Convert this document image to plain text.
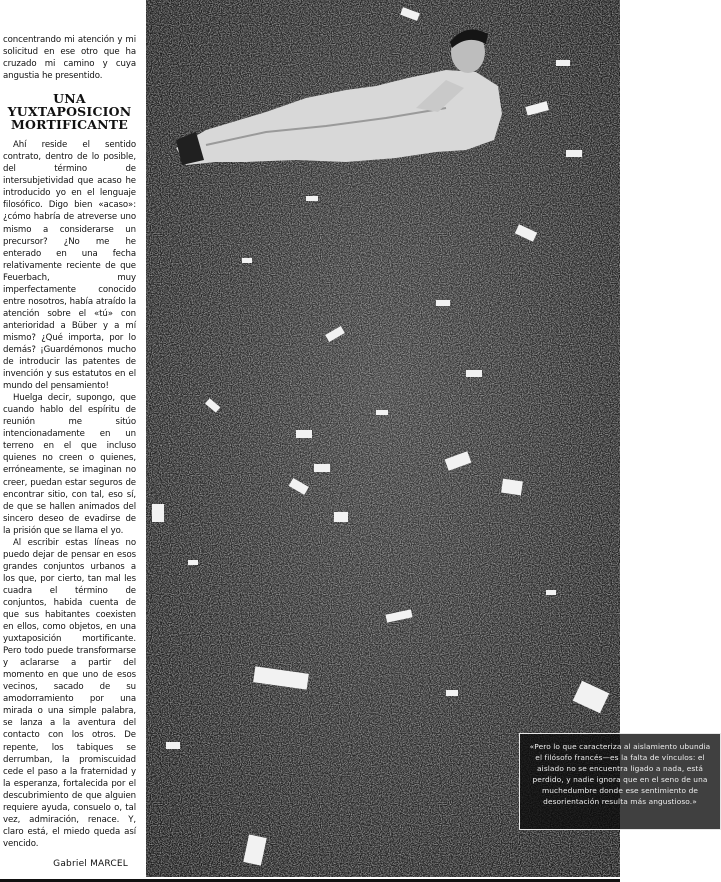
concentrando mi atención y mi solicitud en ese otro que ha cruzado mi camino y cuya angustia he presentido.

UNA
YUXTAPOSICION
MORTIFICANTE

Ahí reside el sentido contrato, dentro de lo posible, del término de intersubjetividad que acaso he introducido yo en el lenguaje filosófico. Digo bien «acaso»: ¿cómo habría de atreverse uno mismo a considerarse un precursor? ¿No me he enterado en una fecha relativamente reciente de que Feuerbach, muy imperfectamente conocido entre nosotros, había atraído la atención sobre el «tú» con anterioridad a Büber y a mí mismo? ¿Qué importa, por lo demás? ¡Guardémonos mucho de introducir las patentes de invención y sus estatutos en el mundo del pensamiento!

Huelga decir, supongo, que cuando hablo del espíritu de reunión me sitúo intencionadamente en un terreno en el que incluso quienes no creen o quienes, erróneamente, se imaginan no creer, puedan estar seguros de encontrar sitio, con tal, eso sí, de que se hallen animados del sincero deseo de evadirse de la prisión que se llama el yo.

Al escribir estas líneas no puedo dejar de pensar en esos grandes conjuntos urbanos a los que, por cierto, tan mal les cuadra el término de conjuntos, habida cuenta de que sus habitantes coexisten en ellos, como objetos, en una yuxtaposición mortificante. Pero todo puede transformarse y aclararse a partir del momento en que uno de esos vecinos, sacado de su amodorramiento por una mirada o una simple palabra, se lanza a la aventura del contacto con los otros. De repente, los tabiques se derrumban, la promiscuidad cede el paso a la fraternidad y la esperanza, fortalecida por el descubrimiento de que alguien requiere ayuda, consuelo o, tal vez, admiración, renace. Y, claro está, el miedo queda así vencido.

Gabriel MARCEL
«Pero lo que caracteriza al aislamiento ubundia el filósofo francés—es la falta de vínculos: el aislado no se encuentra ligado a nada, está perdido, y nadie ignora que en el seno de una muchedumbre donde ese sentimiento de desorientación resulta más angustioso.»
